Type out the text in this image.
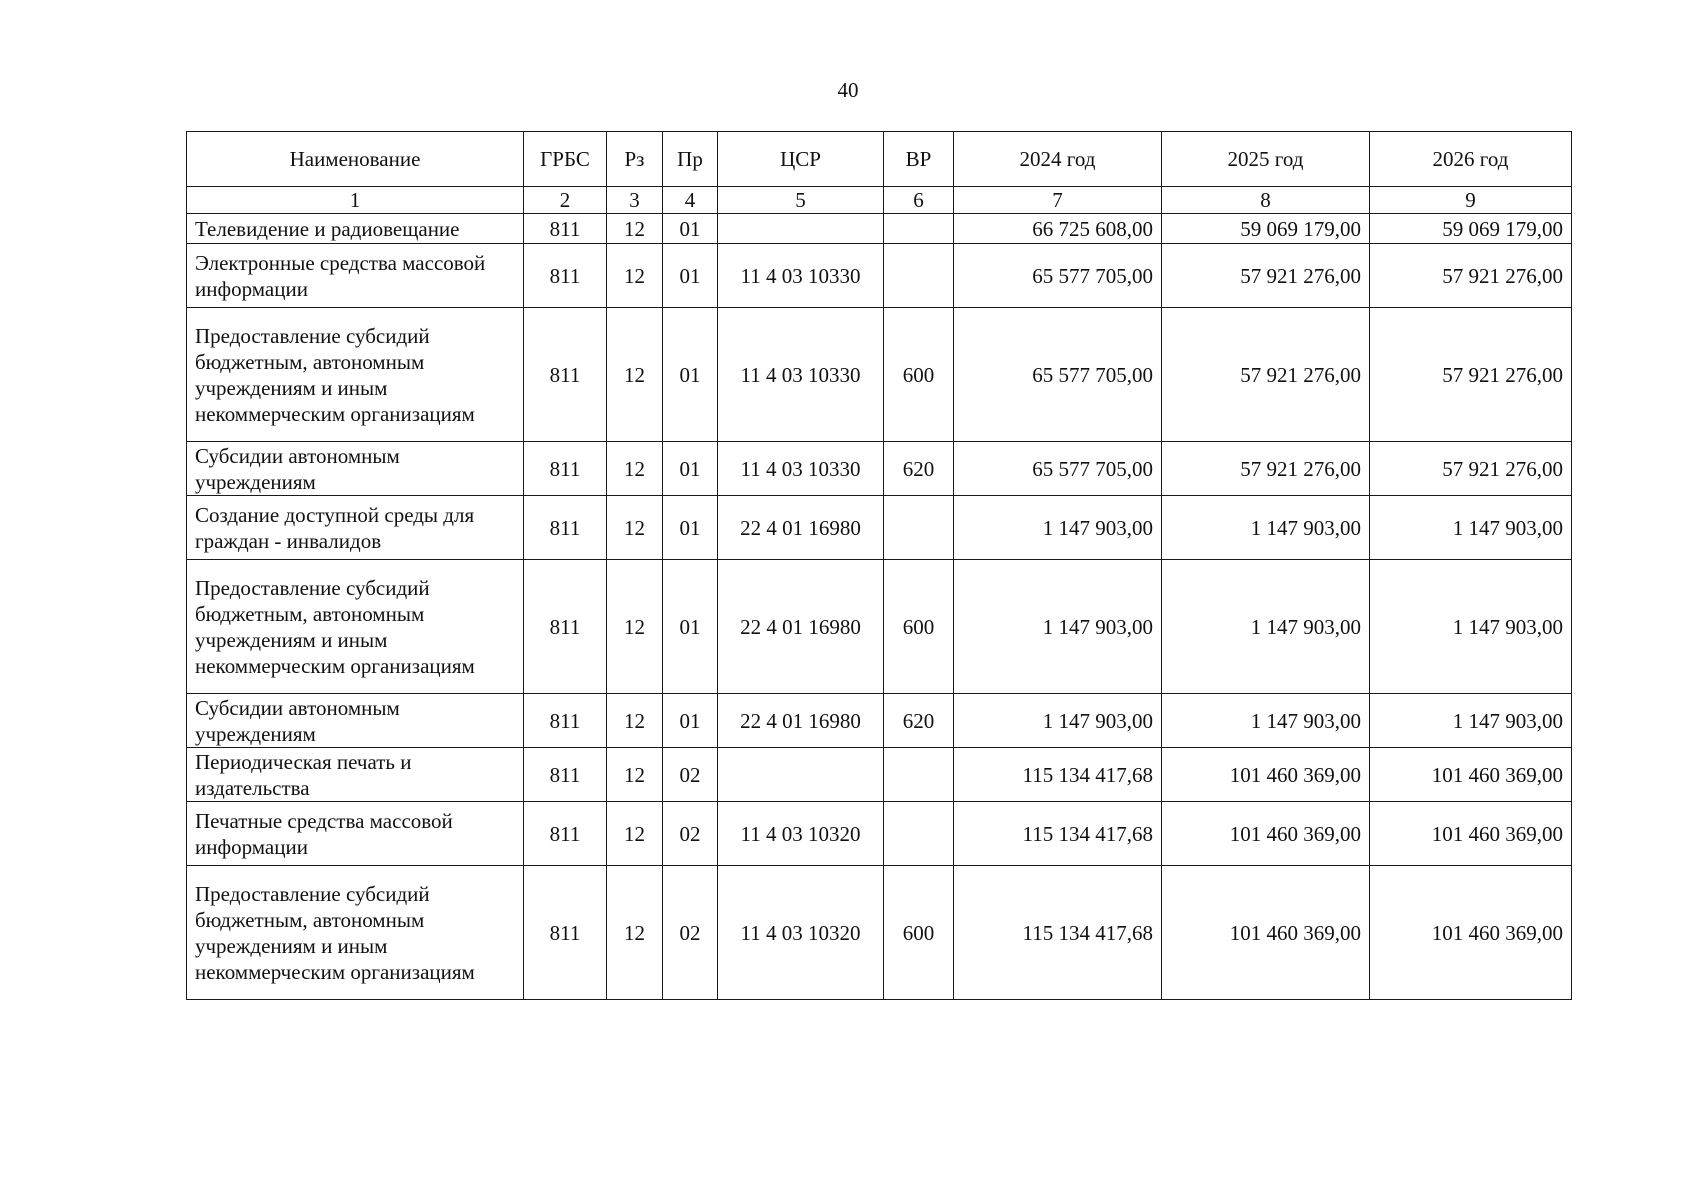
40
Наименование	ГРБС	Рз	Пр	ЦСР	ВР	2024 год	2025 год	2026 год
1	2	3	4	5	6	7	8	9
Телевидение и радиовещание	811	12	01			66 725 608,00	59 069 179,00	59 069 179,00
Электронные средства массовой информации	811	12	01	11 4 03 10330		65 577 705,00	57 921 276,00	57 921 276,00
Предоставление субсидий бюджетным, автономным учреждениям и иным некоммерческим организациям	811	12	01	11 4 03 10330	600	65 577 705,00	57 921 276,00	57 921 276,00
Субсидии автономным учреждениям	811	12	01	11 4 03 10330	620	65 577 705,00	57 921 276,00	57 921 276,00
Создание доступной среды для граждан - инвалидов	811	12	01	22 4 01 16980		1 147 903,00	1 147 903,00	1 147 903,00
Предоставление субсидий бюджетным, автономным учреждениям и иным некоммерческим организациям	811	12	01	22 4 01 16980	600	1 147 903,00	1 147 903,00	1 147 903,00
Субсидии автономным учреждениям	811	12	01	22 4 01 16980	620	1 147 903,00	1 147 903,00	1 147 903,00
Периодическая печать и издательства	811	12	02			115 134 417,68	101 460 369,00	101 460 369,00
Печатные средства массовой информации	811	12	02	11 4 03 10320		115 134 417,68	101 460 369,00	101 460 369,00
Предоставление субсидий бюджетным, автономным учреждениям и иным некоммерческим организациям	811	12	02	11 4 03 10320	600	115 134 417,68	101 460 369,00	101 460 369,00
